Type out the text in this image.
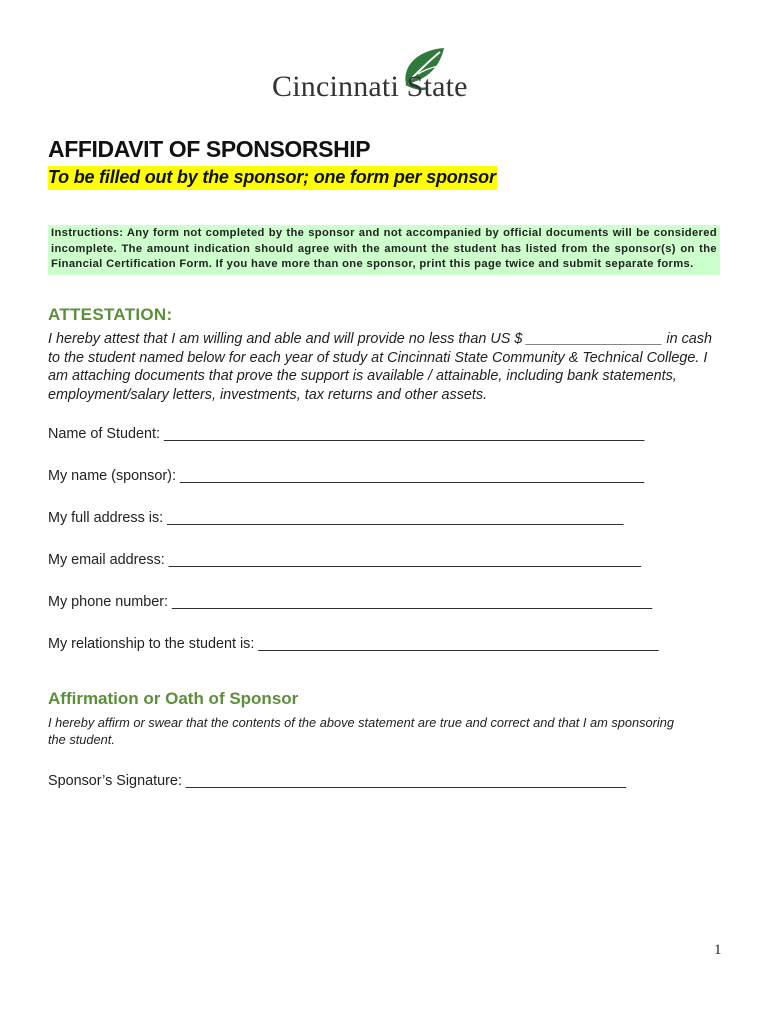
Cincinnati State
AFFIDAVIT OF SPONSORSHIP
To be filled out by the sponsor; one form per sponsor
Instructions: Any form not completed by the sponsor and not accompanied by official documents will be considered incomplete. The amount indication should agree with the amount the student has listed from the sponsor(s) on the Financial Certification Form. If you have more than one sponsor, print this page twice and submit separate forms.
ATTESTATION:
I hereby attest that I am willing and able and will provide no less than US $ _________________ in cash to the student named below for each year of study at Cincinnati State Community & Technical College. I am attaching documents that prove the support is available / attainable, including bank statements, employment/salary letters, investments, tax returns and other assets.
Name of Student: ____________________________________________________________
My name (sponsor): __________________________________________________________
My full address is: _________________________________________________________
My email address: ___________________________________________________________
My phone number: ____________________________________________________________
My relationship to the student is: __________________________________________________
Affirmation or Oath of Sponsor
I hereby affirm or swear that the contents of the above statement are true and correct and that I am sponsoring the student.
Sponsor’s Signature: _______________________________________________________
1
